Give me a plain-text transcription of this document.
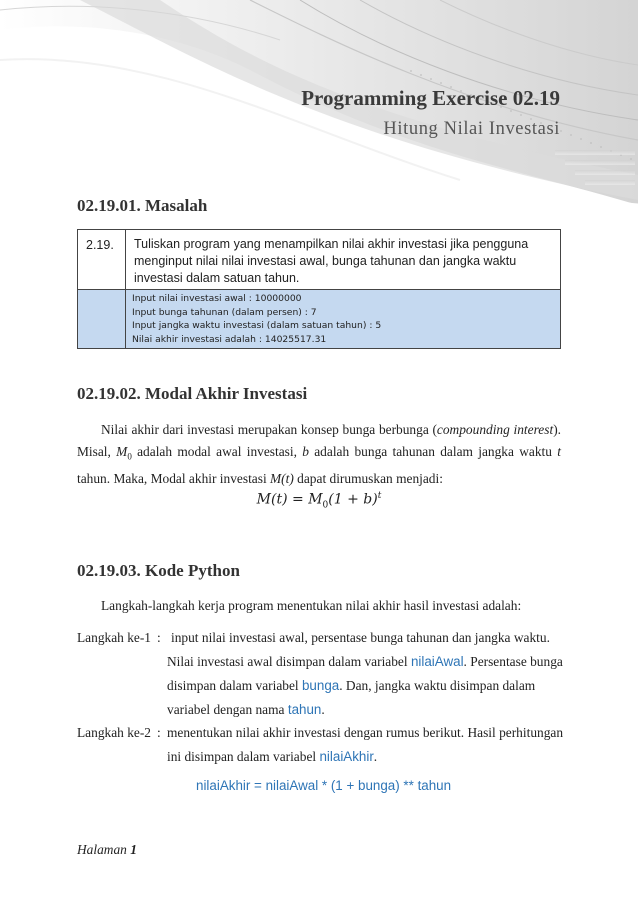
Programming Exercise 02.19
Hitung Nilai Investasi
02.19.01. Masalah
2.19.	Tuliskan program yang menampilkan nilai akhir investasi jika pengguna menginput nilai nilai investasi awal, bunga tahunan dan jangka waktu investasi dalam satuan tahun.

	Input nilai investasi awal : 10000000
Input bunga tahunan (dalam persen) : 7
Input jangka waktu investasi (dalam satuan tahun) : 5
Nilai akhir investasi adalah : 14025517.31
02.19.02. Modal Akhir Investasi

Nilai akhir dari investasi merupakan konsep bunga berbunga (compounding interest). Misal, $M_0$ adalah modal awal investasi, b adalah bunga tahunan dalam jangka waktu t tahun. Maka, Modal akhir investasi M(t) dapat dirumuskan menjadi:

$M(t) = M_0(1 + b)^t$
02.19.03. Kode Python

Langkah-langkah kerja program menentukan nilai akhir hasil investasi adalah:

Langkah ke-1 : input nilai investasi awal, persentase bunga tahunan dan jangka waktu.
Nilai investasi awal disimpan dalam variabel nilaiAwal. Persentase bunga
disimpan dalam variabel bunga. Dan, jangka waktu disimpan dalam
variabel dengan nama tahun.
Langkah ke-2 : menentukan nilai akhir investasi dengan rumus berikut. Hasil perhitungan
ini disimpan dalam variabel nilaiAkhir.
nilaiAkhir = nilaiAwal * (1 + bunga) ** tahun
Halaman 1
